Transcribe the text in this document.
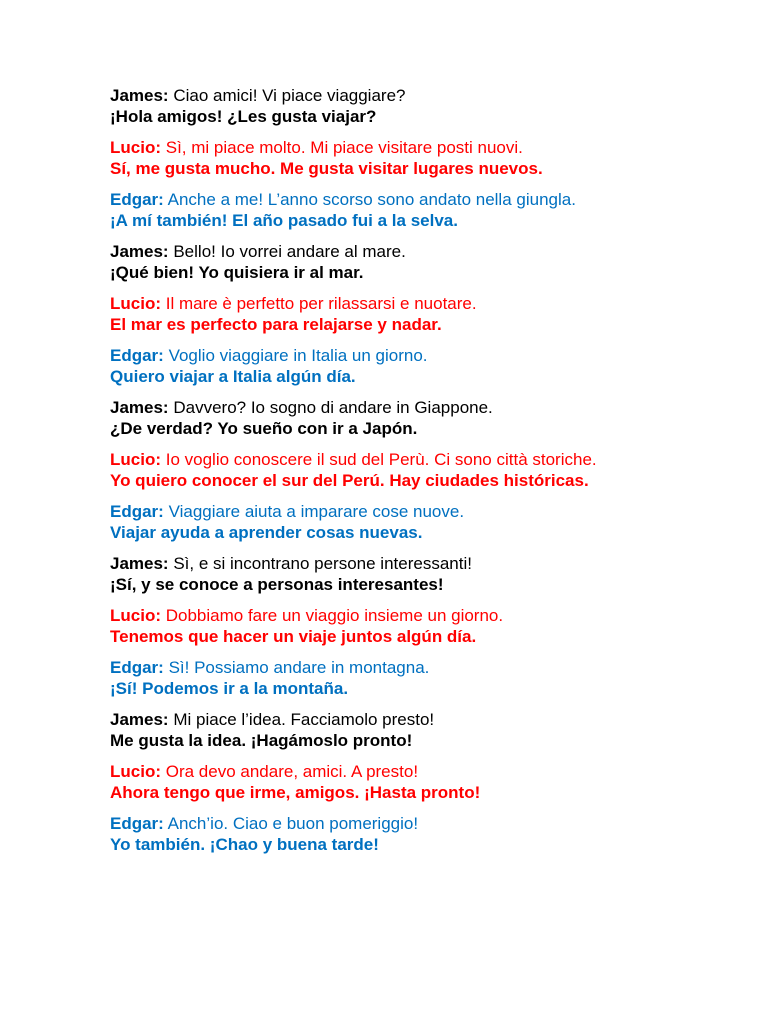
James: Ciao amici! Vi piace viaggiare?
¡Hola amigos! ¿Les gusta viajar?
Lucio: Sì, mi piace molto. Mi piace visitare posti nuovi.
Sí, me gusta mucho. Me gusta visitar lugares nuevos.
Edgar: Anche a me! L’anno scorso sono andato nella giungla.
¡A mí también! El año pasado fui a la selva.
James: Bello! Io vorrei andare al mare.
¡Qué bien! Yo quisiera ir al mar.
Lucio: Il mare è perfetto per rilassarsi e nuotare.
El mar es perfecto para relajarse y nadar.
Edgar: Voglio viaggiare in Italia un giorno.
Quiero viajar a Italia algún día.
James: Davvero? Io sogno di andare in Giappone.
¿De verdad? Yo sueño con ir a Japón.
Lucio: Io voglio conoscere il sud del Perù. Ci sono città storiche.
Yo quiero conocer el sur del Perú. Hay ciudades históricas.
Edgar: Viaggiare aiuta a imparare cose nuove.
Viajar ayuda a aprender cosas nuevas.
James: Sì, e si incontrano persone interessanti!
¡Sí, y se conoce a personas interesantes!
Lucio: Dobbiamo fare un viaggio insieme un giorno.
Tenemos que hacer un viaje juntos algún día.
Edgar: Sì! Possiamo andare in montagna.
¡Sí! Podemos ir a la montaña.
James: Mi piace l’idea. Facciamolo presto!
Me gusta la idea. ¡Hagámoslo pronto!
Lucio: Ora devo andare, amici. A presto!
Ahora tengo que irme, amigos. ¡Hasta pronto!
Edgar: Anch’io. Ciao e buon pomeriggio!
Yo también. ¡Chao y buena tarde!
